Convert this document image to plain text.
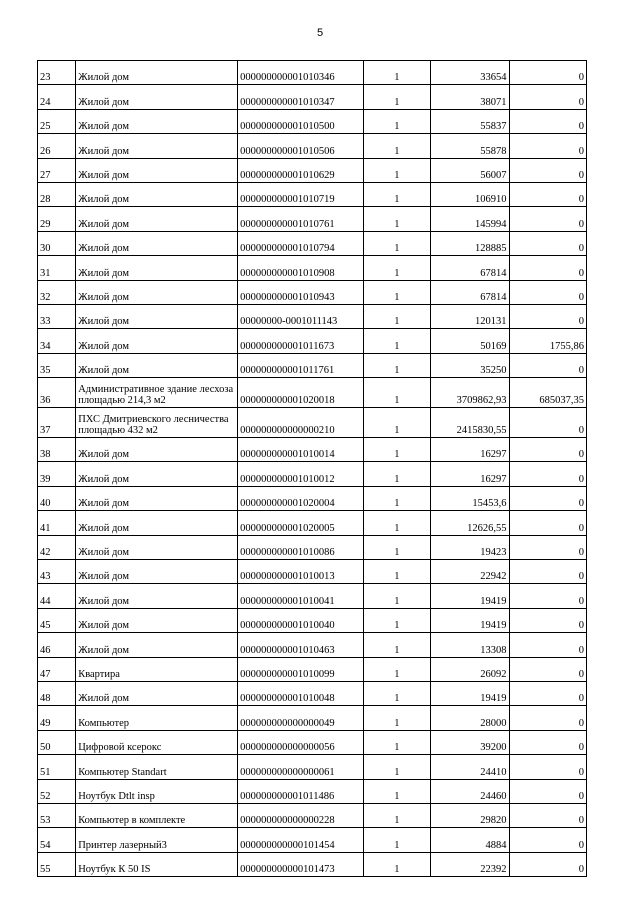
5
23	Жилой дом	000000000001010346	1	33654	0
24	Жилой дом	000000000001010347	1	38071	0
25	Жилой дом	000000000001010500	1	55837	0
26	Жилой дом	000000000001010506	1	55878	0
27	Жилой дом	000000000001010629	1	56007	0
28	Жилой дом	000000000001010719	1	106910	0
29	Жилой дом	000000000001010761	1	145994	0
30	Жилой дом	000000000001010794	1	128885	0
31	Жилой дом	000000000001010908	1	67814	0
32	Жилой дом	000000000001010943	1	67814	0
33	Жилой дом	00000000-0001011143	1	120131	0
34	Жилой дом	000000000001011673	1	50169	1755,86
35	Жилой дом	000000000001011761	1	35250	0
36	Административное здание лесхоза площадью 214,3 м2	000000000001020018	1	3709862,93	685037,35
37	ПХС Дмитриевского лесничества площадью 432 м2	000000000000000210	1	2415830,55	0
38	Жилой дом	000000000001010014	1	16297	0
39	Жилой дом	000000000001010012	1	16297	0
40	Жилой дом	000000000001020004	1	15453,6	0
41	Жилой дом	000000000001020005	1	12626,55	0
42	Жилой дом	000000000001010086	1	19423	0
43	Жилой дом	000000000001010013	1	22942	0
44	Жилой дом	000000000001010041	1	19419	0
45	Жилой дом	000000000001010040	1	19419	0
46	Жилой дом	000000000001010463	1	13308	0
47	Квартира	000000000001010099	1	26092	0
48	Жилой дом	000000000001010048	1	19419	0
49	Компьютер	000000000000000049	1	28000	0
50	Цифровой ксерокс	000000000000000056	1	39200	0
51	Компьютер Standart	000000000000000061	1	24410	0
52	Ноутбук Dtlt insp	000000000001011486	1	24460	0
53	Компьютер в комплекте	000000000000000228	1	29820	0
54	Принтер лазерный3	000000000000101454	1	4884	0
55	Ноутбук К 50 IS	000000000000101473	1	22392	0
